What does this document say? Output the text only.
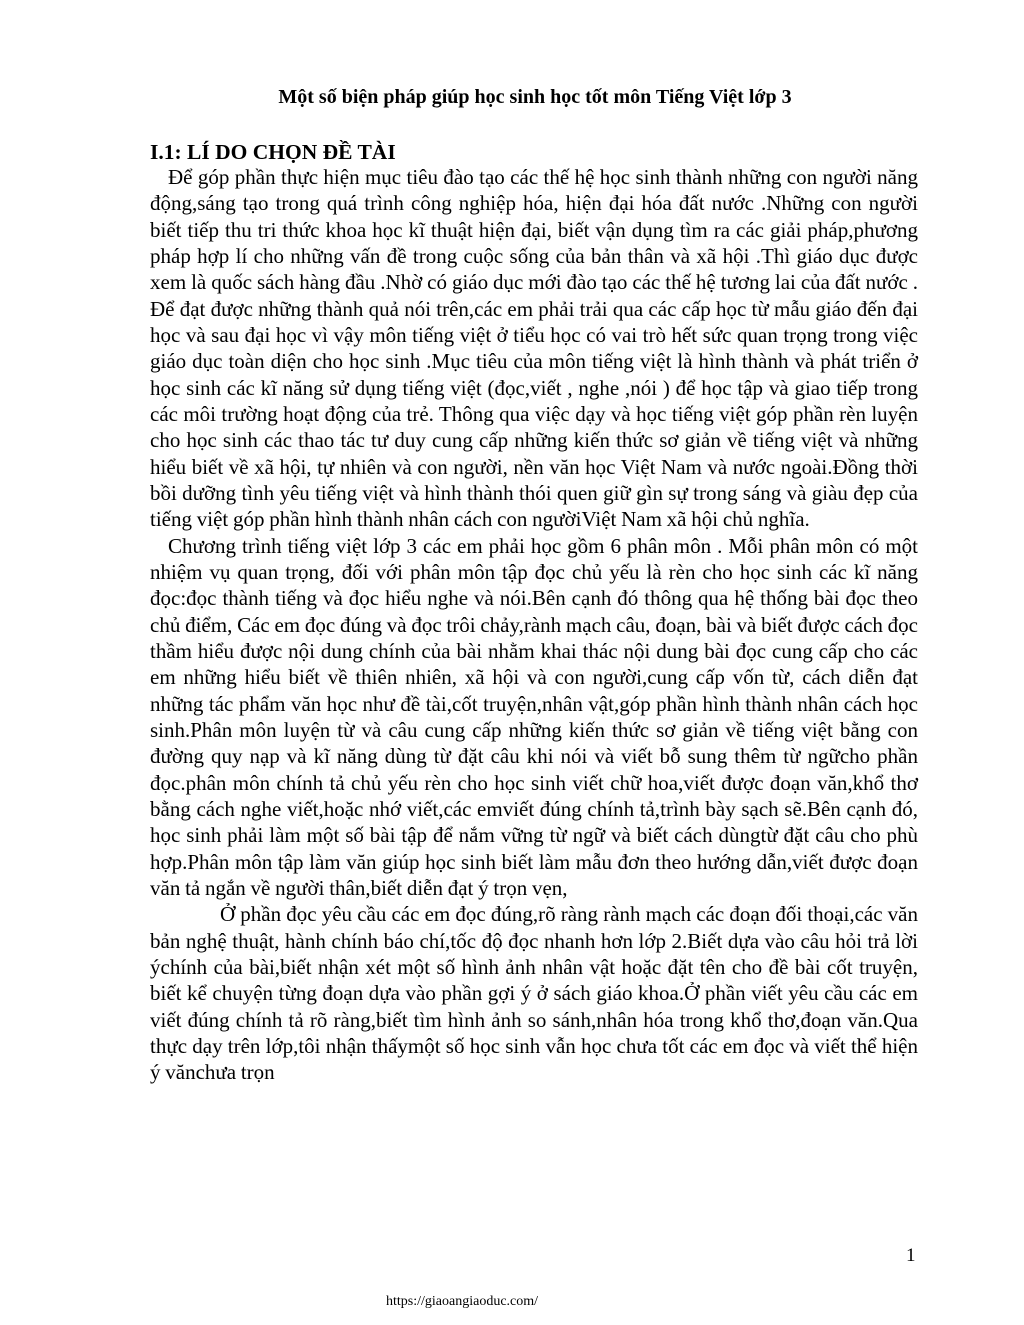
Một số biện pháp giúp học sinh học tốt môn Tiếng Việt lớp 3
I.1: LÍ DO CHỌN ĐỀ TÀI

Để góp phần thực hiện mục tiêu đào tạo các thế hệ học sinh thành những con người năng động,sáng tạo trong quá trình công nghiệp hóa, hiện đại hóa đất nước .Những con người biết tiếp thu tri thức khoa học kĩ thuật hiện đại, biết vận dụng tìm ra các giải pháp,phương pháp hợp lí cho những vấn đề trong cuộc sống của bản thân và xã hội .Thì giáo dục được xem là quốc sách hàng đầu .Nhờ có giáo dục mới đào tạo các thế hệ tương lai của đất nước . Để đạt được những thành quả nói trên,các em phải trải qua các cấp học từ mẫu giáo đến đại học và sau đại học vì vậy môn tiếng việt ở tiểu học có vai trò hết sức quan trọng trong việc giáo dục toàn diện cho học sinh .Mục tiêu của môn tiếng việt là hình thành và phát triển ở học sinh các kĩ năng sử dụng tiếng việt (đọc,viết , nghe ,nói ) để học tập và giao tiếp trong các môi trường hoạt động của trẻ. Thông qua việc dạy và học tiếng việt góp phần rèn luyện cho học sinh các thao tác tư duy cung cấp những kiến thức sơ giản về tiếng việt và những hiểu biết về xã hội, tự nhiên và con người, nền văn học Việt Nam và nước ngoài.Đồng thời bồi dưỡng tình yêu tiếng việt và hình thành thói quen giữ gìn sự trong sáng và giàu đẹp của tiếng việt góp phần hình thành nhân cách con ngườiViệt Nam xã hội chủ nghĩa.

Chương trình tiếng việt lớp 3 các em phải học gồm 6 phân môn . Mỗi phân môn có một nhiệm vụ quan trọng, đối với phân môn tập đọc chủ yếu là rèn cho học sinh các kĩ năng đọc:đọc thành tiếng và đọc hiểu nghe và nói.Bên cạnh đó thông qua hệ thống bài đọc theo chủ điểm, Các em đọc đúng và đọc trôi chảy,rành mạch câu, đoạn, bài và biết được cách đọc thầm hiểu được nội dung chính của bài nhằm khai thác nội dung bài đọc cung cấp cho các em những hiểu biết về thiên nhiên, xã hội và con người,cung cấp vốn từ, cách diễn đạt những tác phẩm văn học như đề tài,cốt truyện,nhân vật,góp phần hình thành nhân cách học sinh.Phân môn luyện từ và câu cung cấp những kiến thức sơ giản về tiếng việt bằng con đường quy nạp và kĩ năng dùng từ đặt câu khi nói và viết bỗ sung thêm từ ngữcho phần đọc.phân môn chính tả chủ yếu rèn cho học sinh viết chữ hoa,viết được đoạn văn,khổ thơ bằng cách nghe viết,hoặc nhớ viết,các emviết đúng chính tả,trình bày sạch sẽ.Bên cạnh đó, học sinh phải làm một số bài tập để nắm vững từ ngữ và biết cách dùngtừ đặt câu cho phù hợp.Phân môn tập làm văn giúp học sinh biết làm mẫu đơn theo hướng dẫn,viết được đoạn văn tả ngắn về người thân,biết diễn đạt ý trọn vẹn,

Ở phần đọc yêu cầu các em đọc đúng,rõ ràng rành mạch các đoạn đối thoại,các văn bản nghệ thuật, hành chính báo chí,tốc độ đọc nhanh hơn lớp 2.Biết dựa vào câu hỏi trả lời ýchính của bài,biết nhận xét một số hình ảnh nhân vật hoặc đặt tên cho đề bài cốt truyện, biết kể chuyện từng đoạn dựa vào phần gợi ý ở sách giáo khoa.Ở phần viết yêu cầu các em viết đúng chính tả rõ ràng,biết tìm hình ảnh so sánh,nhân hóa trong khổ thơ,đoạn văn.Qua thực dạy trên lớp,tôi nhận thấymột số học sinh vẫn học chưa tốt các em đọc và viết thể hiện ý vănchưa trọn

1
https://giaoangiaoduc.com/
